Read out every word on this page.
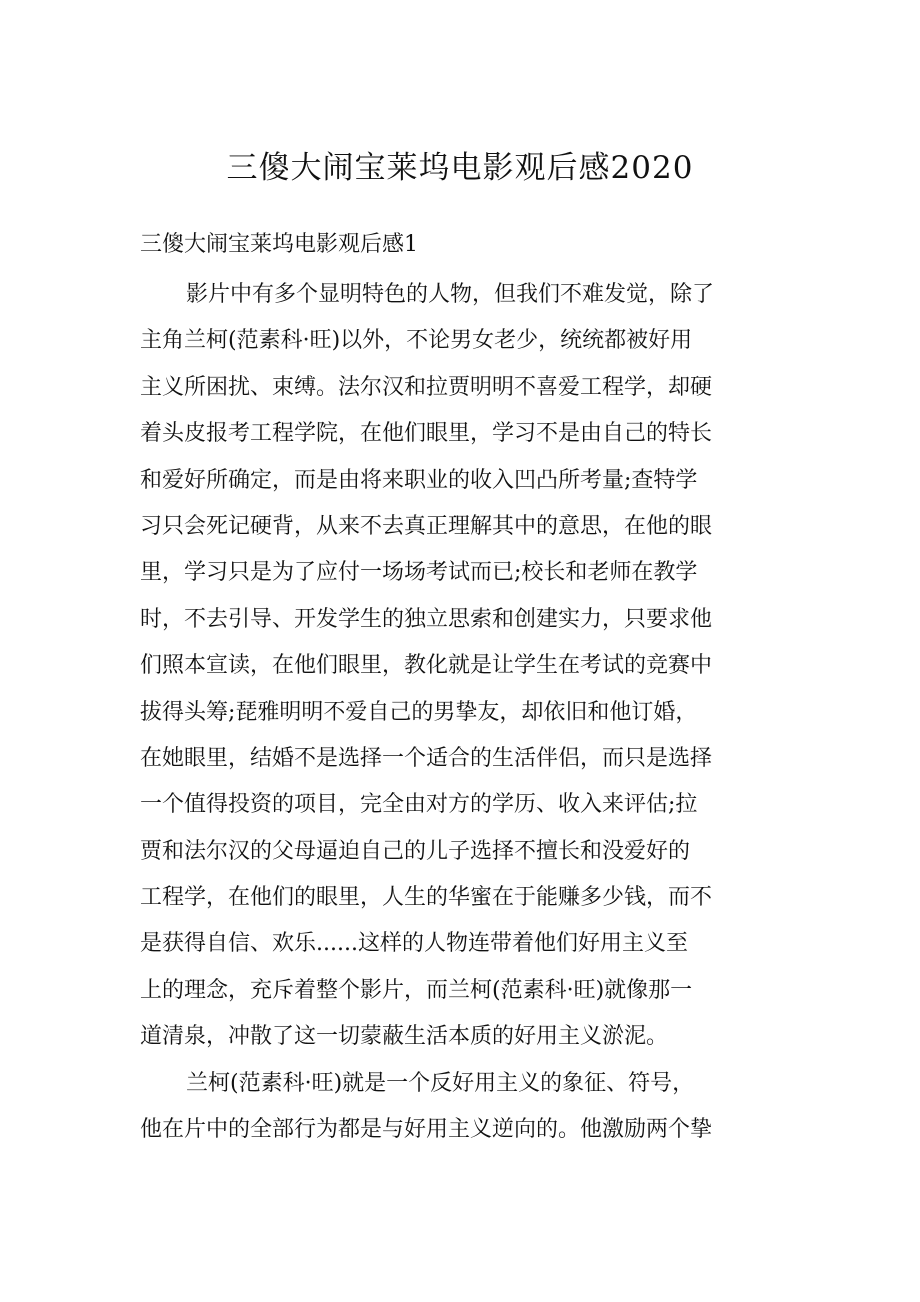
三傻大闹宝莱坞电影观后感2020
三傻大闹宝莱坞电影观后感1

影片中有多个显明特色的人物，但我们不难发觉，除了
主角兰柯(范素科·旺)以外，不论男女老少，统统都被好用
主义所困扰、束缚。法尔汉和拉贾明明不喜爱工程学，却硬
着头皮报考工程学院，在他们眼里，学习不是由自己的特长
和爱好所确定，而是由将来职业的收入凹凸所考量;查特学
习只会死记硬背，从来不去真正理解其中的意思，在他的眼
里，学习只是为了应付一场场考试而已;校长和老师在教学
时，不去引导、开发学生的独立思索和创建实力，只要求他
们照本宣读，在他们眼里，教化就是让学生在考试的竞赛中
拔得头筹;琵雅明明不爱自己的男挚友，却依旧和他订婚，
在她眼里，结婚不是选择一个适合的生活伴侣，而只是选择
一个值得投资的项目，完全由对方的学历、收入来评估;拉
贾和法尔汉的父母逼迫自己的儿子选择不擅长和没爱好的
工程学，在他们的眼里，人生的华蜜在于能赚多少钱，而不
是获得自信、欢乐......这样的人物连带着他们好用主义至
上的理念，充斥着整个影片，而兰柯(范素科·旺)就像那一
道清泉，冲散了这一切蒙蔽生活本质的好用主义淤泥。

兰柯(范素科·旺)就是一个反好用主义的象征、符号，
他在片中的全部行为都是与好用主义逆向的。他激励两个挚
